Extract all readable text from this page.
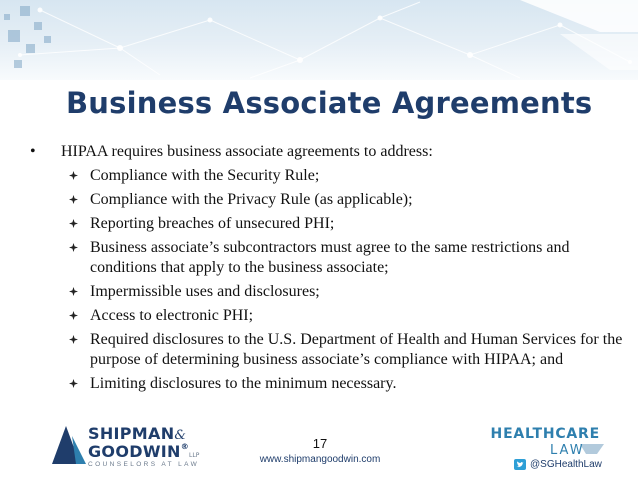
Business Associate Agreements
• HIPAA requires business associate agreements to address:
Compliance with the Security Rule;
Compliance with the Privacy Rule (as applicable);
Reporting breaches of unsecured PHI;
Business associate’s subcontractors must agree to the same restrictions and conditions that apply to the business associate;
Impermissible uses and disclosures;
Access to electronic PHI;
Required disclosures to the U.S. Department of Health and Human Services for the purpose of determining business associate’s compliance with HIPAA; and
Limiting disclosures to the minimum necessary.
SHIPMAN&
GOODWIN®LLP
COUNSELORS AT LAW
17
www.shipmangoodwin.com
HEALTHCARE
LAW
@SGHealthLaw
